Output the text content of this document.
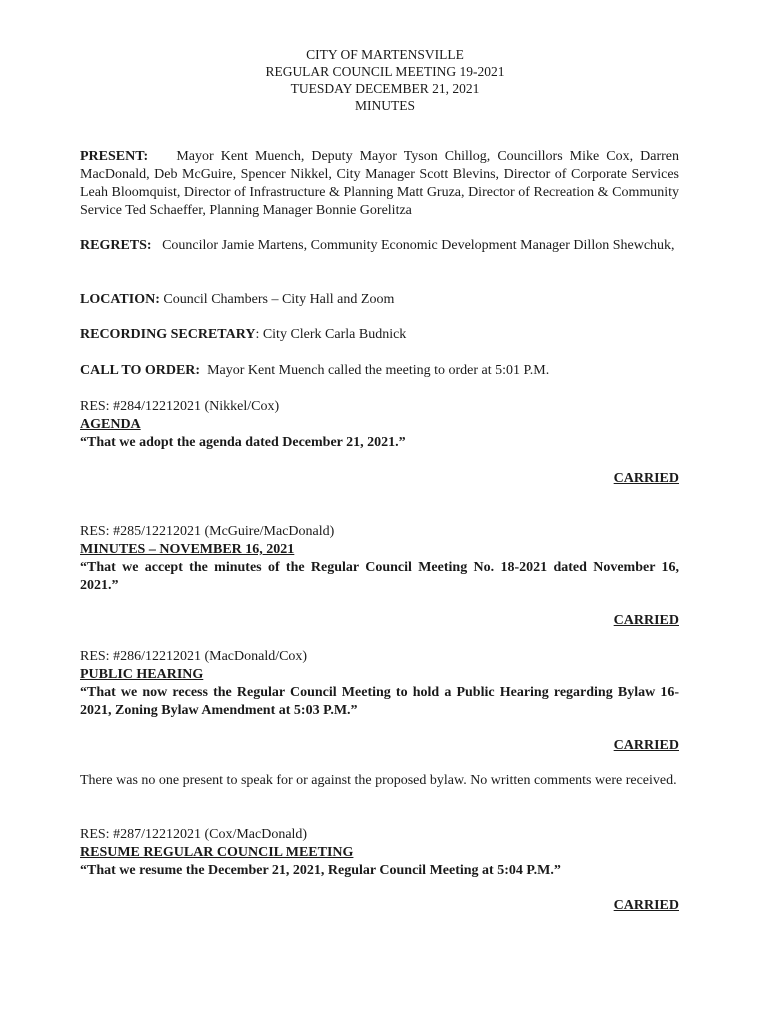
CITY OF MARTENSVILLE
REGULAR COUNCIL MEETING 19-2021
TUESDAY DECEMBER 21, 2021
MINUTES
PRESENT: Mayor Kent Muench, Deputy Mayor Tyson Chillog, Councillors Mike Cox, Darren MacDonald, Deb McGuire, Spencer Nikkel, City Manager Scott Blevins, Director of Corporate Services Leah Bloomquist, Director of Infrastructure & Planning Matt Gruza, Director of Recreation & Community Service Ted Schaeffer, Planning Manager Bonnie Gorelitza
REGRETS: Councilor Jamie Martens, Community Economic Development Manager Dillon Shewchuk,
LOCATION: Council Chambers – City Hall and Zoom
RECORDING SECRETARY: City Clerk Carla Budnick
CALL TO ORDER: Mayor Kent Muench called the meeting to order at 5:01 P.M.
RES: #284/12212021 (Nikkel/Cox)
AGENDA
“That we adopt the agenda dated December 21, 2021.”
CARRIED
RES: #285/12212021 (McGuire/MacDonald)
MINUTES – NOVEMBER 16, 2021
“That we accept the minutes of the Regular Council Meeting No. 18-2021 dated November 16, 2021.”
CARRIED
RES: #286/12212021 (MacDonald/Cox)
PUBLIC HEARING
“That we now recess the Regular Council Meeting to hold a Public Hearing regarding Bylaw 16-2021, Zoning Bylaw Amendment at 5:03 P.M.”
CARRIED
There was no one present to speak for or against the proposed bylaw. No written comments were received.
RES: #287/12212021 (Cox/MacDonald)
RESUME REGULAR COUNCIL MEETING
“That we resume the December 21, 2021, Regular Council Meeting at 5:04 P.M.”
CARRIED
